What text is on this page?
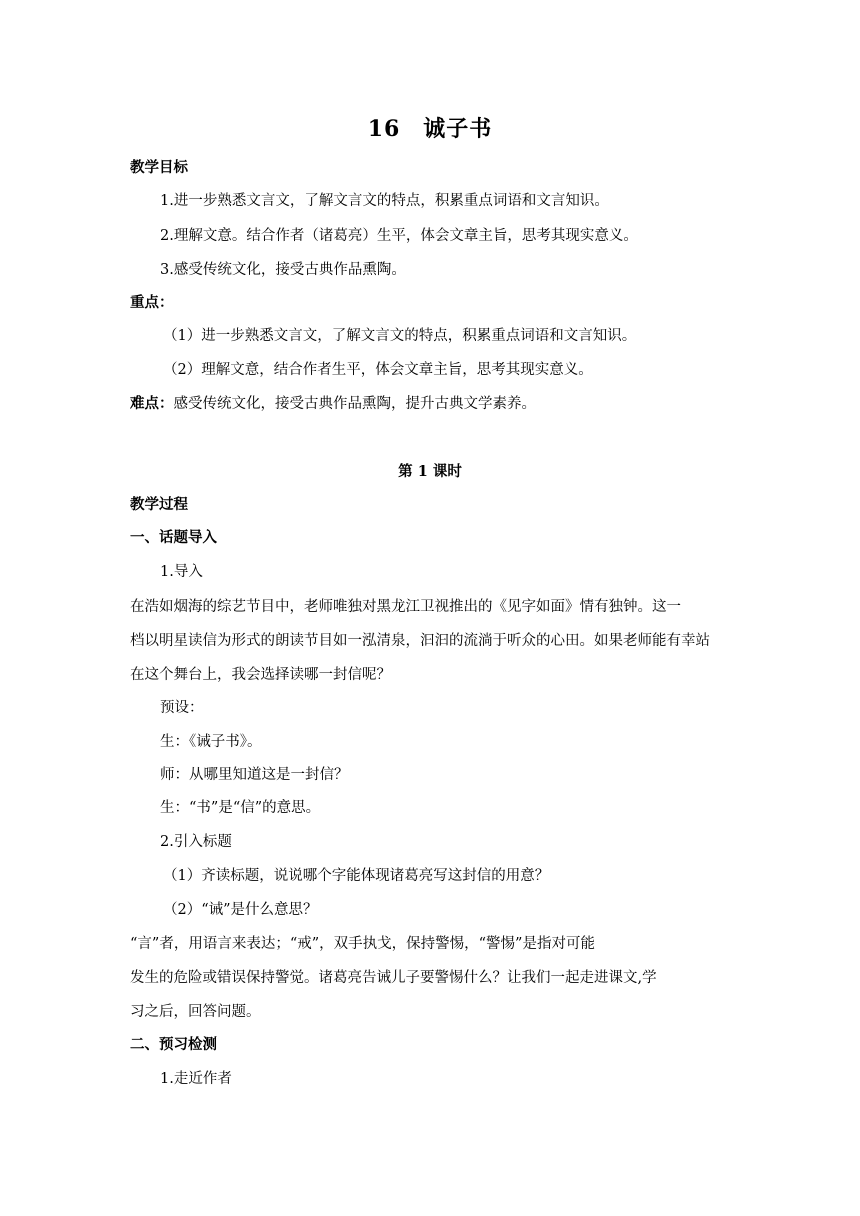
16　诚子书
教学目标
1.进一步熟悉文言文，了解文言文的特点，积累重点词语和文言知识。
2.理解文意。结合作者（诸葛亮）生平，体会文章主旨，思考其现实意义。
3.感受传统文化，接受古典作品熏陶。
重点：
（1）进一步熟悉文言文，了解文言文的特点，积累重点词语和文言知识。
（2）理解文意，结合作者生平，体会文章主旨，思考其现实意义。
难点：感受传统文化，接受古典作品熏陶，提升古典文学素养。
第 1 课时
教学过程
一、话题导入
1.导入
在浩如烟海的综艺节目中，老师唯独对黑龙江卫视推出的《见字如面》情有独钟。这一
档以明星读信为形式的朗读节目如一泓清泉，汩汩的流淌于听众的心田。如果老师能有幸站
在这个舞台上，我会选择读哪一封信呢？
预设：
生：《诫子书》。
师：从哪里知道这是一封信？
生：“书”是“信”的意思。
2.引入标题
（1）齐读标题，说说哪个字能体现诸葛亮写这封信的用意？
（2）“诫”是什么意思？
“言”者，用语言来表达；“戒”，双手执戈，保持警惕，“警惕”是指对可能
发生的危险或错误保持警觉。诸葛亮告诫儿子要警惕什么？让我们一起走进课文,学
习之后，回答问题。
二、预习检测
1.走近作者
